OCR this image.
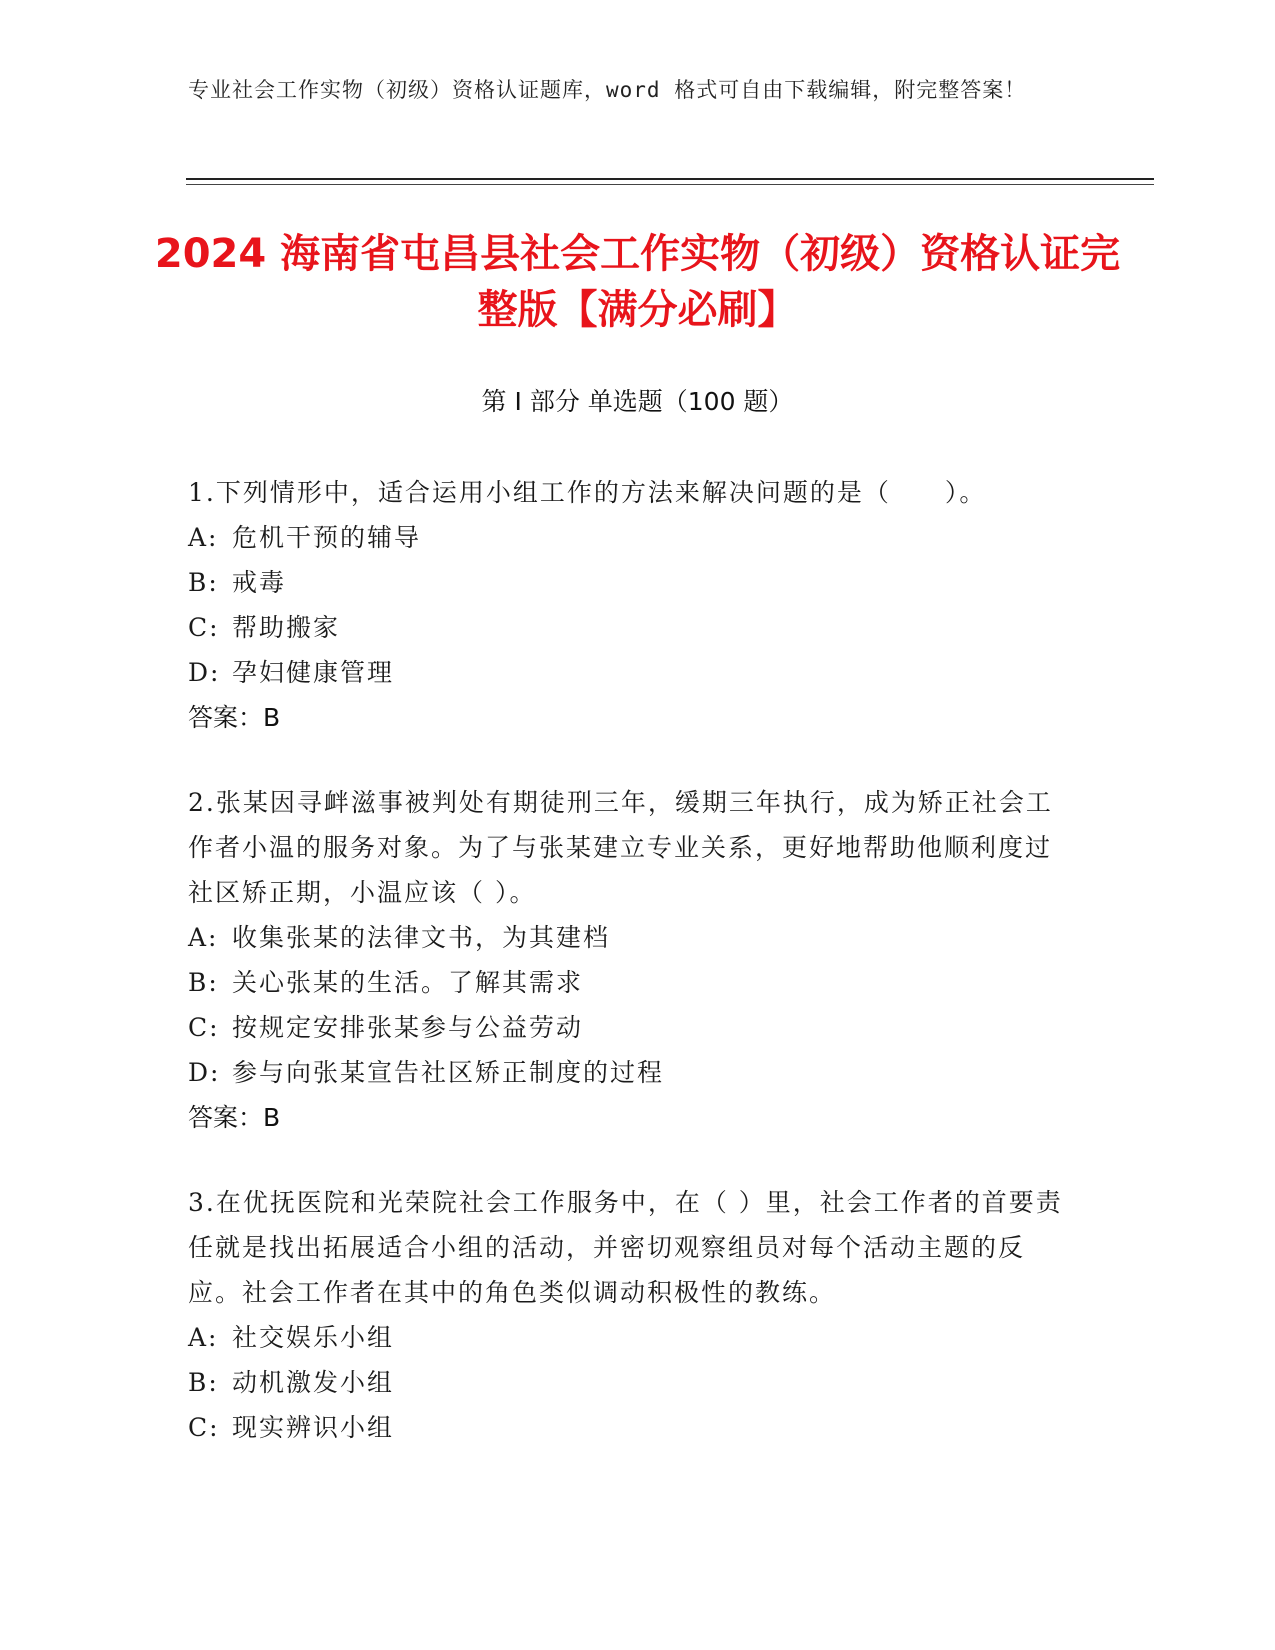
专业社会工作实物（初级）资格认证题库，word 格式可自由下载编辑，附完整答案！
2024 海南省屯昌县社会工作实物（初级）资格认证完整版【满分必刷】
第 I 部分 单选题（100 题）

1.下列情形中，适合运用小组工作的方法来解决问题的是（　　）。

A: 危机干预的辅导

B: 戒毒

C: 帮助搬家

D: 孕妇健康管理

答案：B

2.张某因寻衅滋事被判处有期徒刑三年，缓期三年执行，成为矫正社会工作者小温的服务对象。为了与张某建立专业关系，更好地帮助他顺利度过社区矫正期，小温应该（ ）。

A: 收集张某的法律文书，为其建档

B: 关心张某的生活。了解其需求

C: 按规定安排张某参与公益劳动

D: 参与向张某宣告社区矫正制度的过程

答案：B

3.在优抚医院和光荣院社会工作服务中，在（ ）里，社会工作者的首要责任就是找出拓展适合小组的活动，并密切观察组员对每个活动主题的反应。社会工作者在其中的角色类似调动积极性的教练。

A: 社交娱乐小组

B: 动机激发小组

C: 现实辨识小组
